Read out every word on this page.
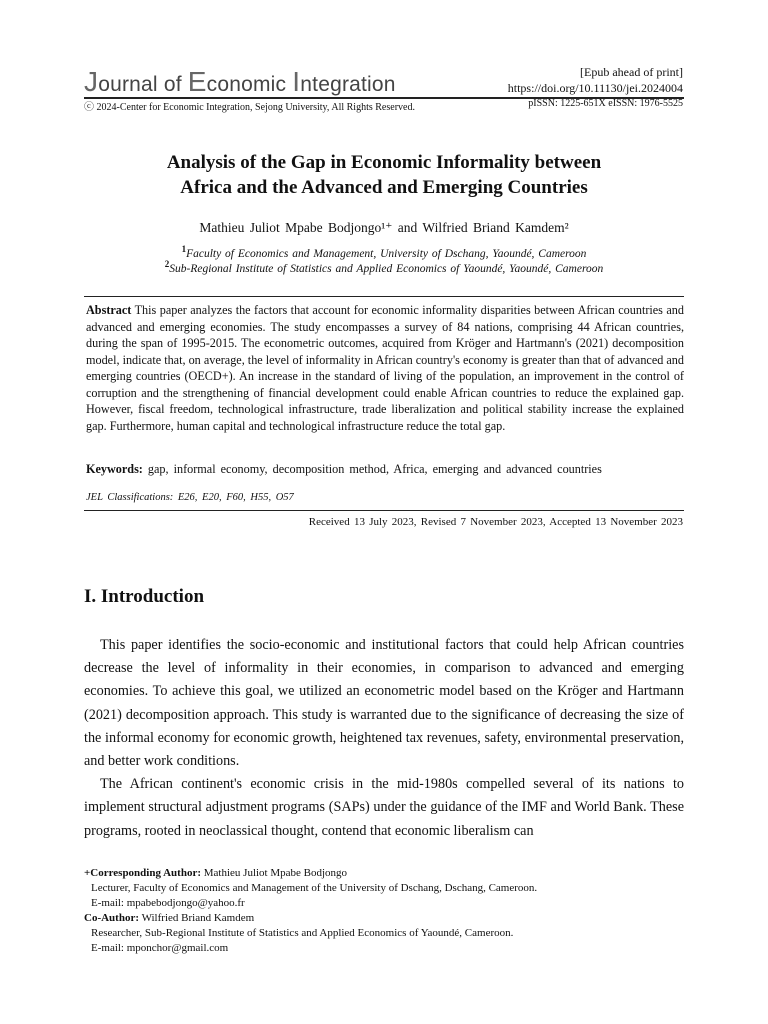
Journal of Economic Integration
[Epub ahead of print]
https://doi.org/10.11130/jei.2024004
ⓒ 2024-Center for Economic Integration, Sejong University, All Rights Reserved.	pISSN: 1225-651X eISSN: 1976-5525
Analysis of the Gap in Economic Informality between
Africa and the Advanced and Emerging Countries
Mathieu Juliot Mpabe Bodjongo¹⁺ and Wilfried Briand Kamdem²
$^1$Faculty of Economics and Management, University of Dschang, Yaoundé, Cameroon
$^2$Sub-Regional Institute of Statistics and Applied Economics of Yaoundé, Yaoundé, Cameroon
Abstract This paper analyzes the factors that account for economic informality disparities between African countries and advanced and emerging economies. The study encompasses a survey of 84 nations, comprising 44 African countries, during the span of 1995-2015. The econometric outcomes, acquired from Kröger and Hartmann's (2021) decomposition model, indicate that, on average, the level of informality in African country's economy is greater than that of advanced and emerging countries (OECD+). An increase in the standard of living of the population, an improvement in the control of corruption and the strengthening of financial development could enable African countries to reduce the explained gap. However, fiscal freedom, technological infrastructure, trade liberalization and political stability increase the explained gap. Furthermore, human capital and technological infrastructure reduce the total gap.
Keywords: gap, informal economy, decomposition method, Africa, emerging and advanced countries
JEL Classifications: E26, E20, F60, H55, O57
Received 13 July 2023, Revised 7 November 2023, Accepted 13 November 2023
I. Introduction

This paper identifies the socio-economic and institutional factors that could help African countries decrease the level of informality in their economies, in comparison to advanced and emerging economies. To achieve this goal, we utilized an econometric model based on the Kröger and Hartmann (2021) decomposition approach. This study is warranted due to the significance of decreasing the size of the informal economy for economic growth, heightened tax revenues, safety, environmental preservation, and better work conditions.

The African continent's economic crisis in the mid-1980s compelled several of its nations to implement structural adjustment programs (SAPs) under the guidance of the IMF and World Bank. These programs, rooted in neoclassical thought, contend that economic liberalism can

+Corresponding Author: Mathieu Juliot Mpabe Bodjongo
Lecturer, Faculty of Economics and Management of the University of Dschang, Dschang, Cameroon.
E-mail: mpabebodjongo@yahoo.fr
Co-Author: Wilfried Briand Kamdem
Researcher, Sub-Regional Institute of Statistics and Applied Economics of Yaoundé, Cameroon.
E-mail: mponchor@gmail.com
